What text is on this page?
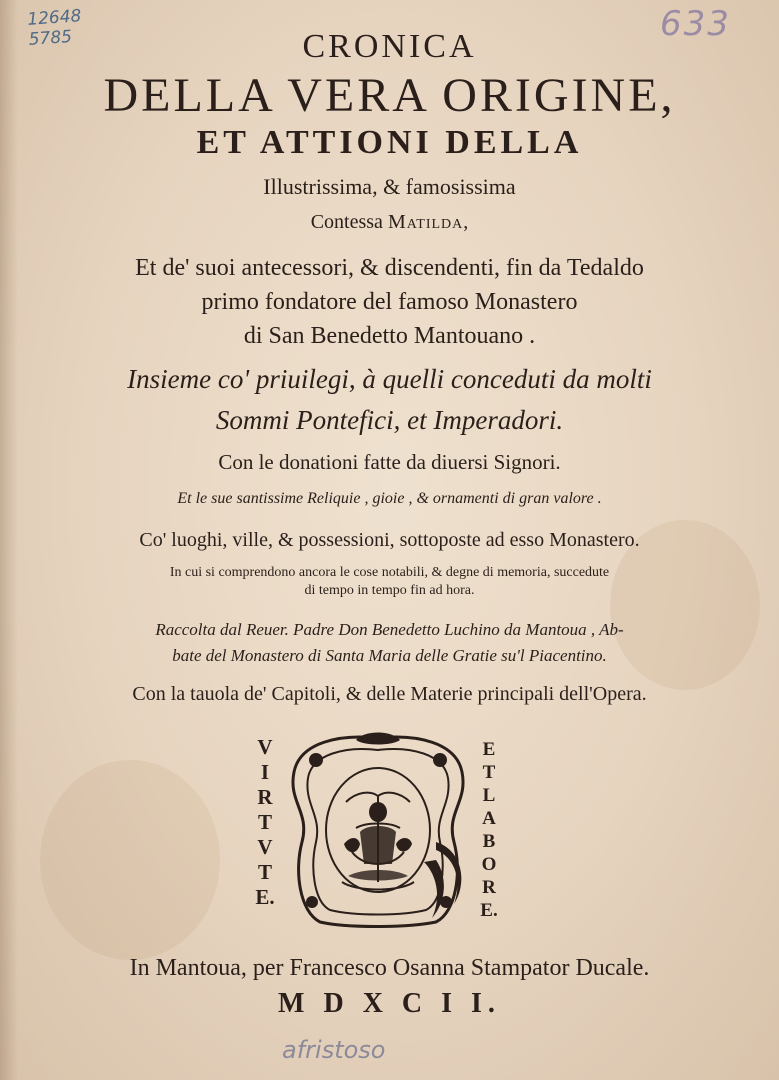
12648
5785	633
CRONICA
DELLA VERA ORIGINE,
ET ATTIONI DELLA
Illustrissima, & famosissima
Contessa Matilda,
Et de' suoi antecessori, & discendenti, fin da Tedaldo
primo fondatore del famoso Monastero
di San Benedetto Mantouano .
Insieme co' priuilegi, à quelli conceduti da molti
Sommi Pontefici, et Imperadori.
Con le donationi fatte da diuersi Signori.
Et le sue santissime Reliquie , gioie , & ornamenti di gran valore .
Co' luoghi, ville, & possessioni, sottoposte ad esso Monastero.
In cui si comprendono ancora le cose notabili, & degne di memoria, succedute
di tempo in tempo fin ad hora.
Raccolta dal Reuer. Padre Don Benedetto Luchino da Mantoua , Ab-
bate del Monastero di Santa Maria delle Gratie su'l Piacentino.
Con la tauola de' Capitoli, & delle Materie principali dell'Opera.
V
I
R
T
V
T
E.
E
T
L
A
B
O
R
E.
In Mantoua, per Francesco Osanna Stampator Ducale.
M D X C I I.
afristoso
